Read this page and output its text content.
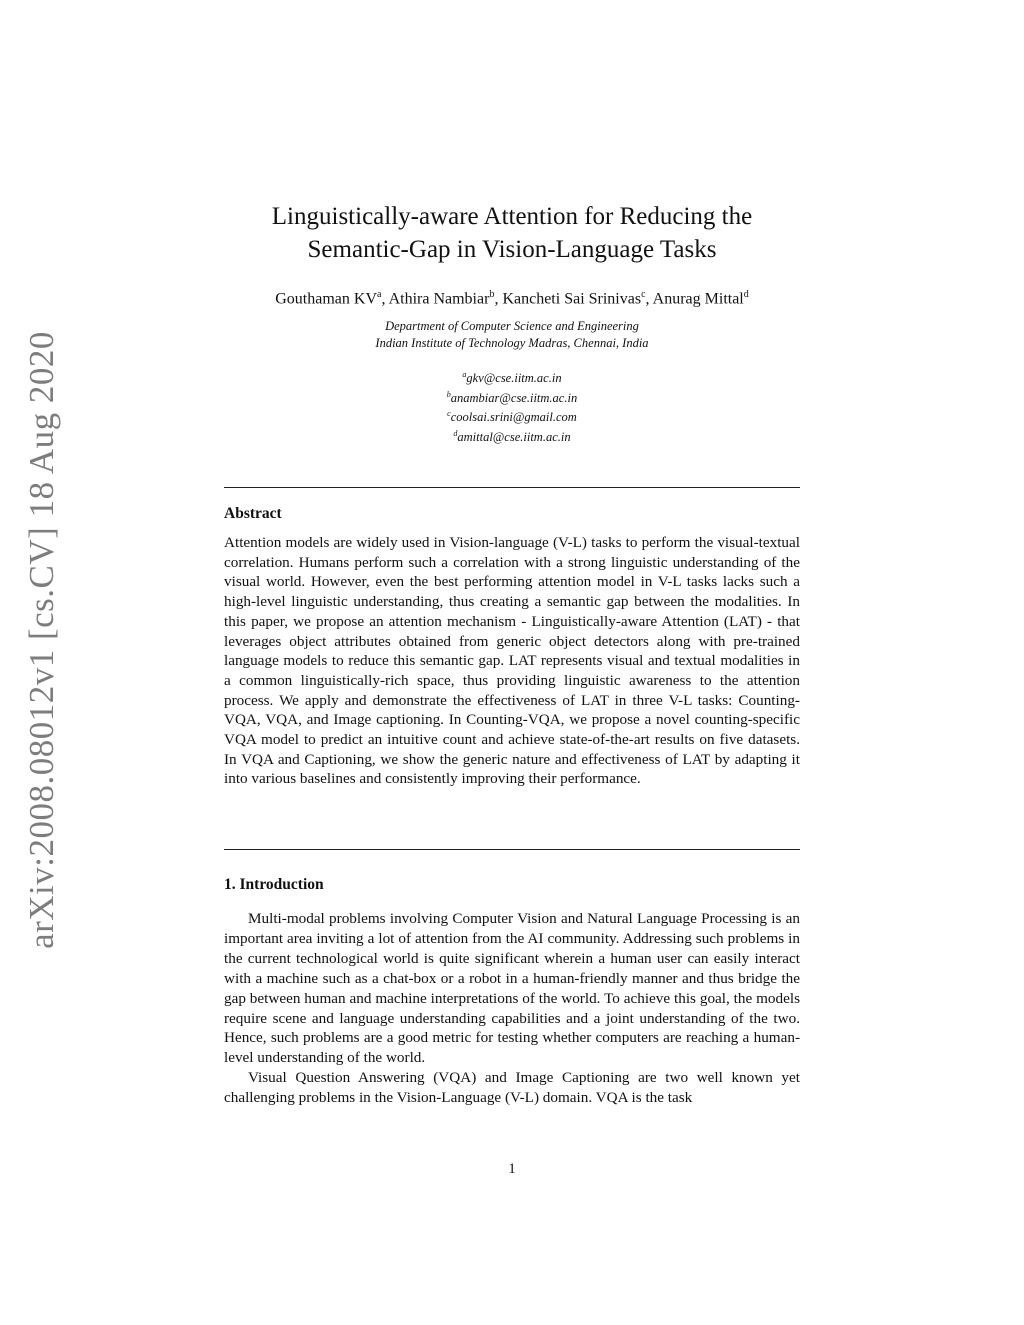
arXiv:2008.08012v1 [cs.CV] 18 Aug 2020
Linguistically-aware Attention for Reducing the
Semantic-Gap in Vision-Language Tasks
Gouthaman $KV^a$, Athira Nambiar$^b$, Kancheti Sai Srinivas$^c$, Anurag Mittal$^d$
Department of Computer Science and Engineering
Indian Institute of Technology Madras, Chennai, India
$^a$gkv@cse.iitm.ac.in
$^b$anambiar@cse.iitm.ac.in
$^c$coolsai.srini@gmail.com
$^d$amittal@cse.iitm.ac.in
Abstract
Attention models are widely used in Vision-language (V-L) tasks to perform the visual-textual correlation. Humans perform such a correlation with a strong linguistic understanding of the visual world. However, even the best performing attention model in V-L tasks lacks such a high-level linguistic understanding, thus creating a semantic gap between the modalities. In this paper, we propose an attention mechanism - Linguistically-aware Attention (LAT) - that leverages object attributes obtained from generic object detectors along with pre-trained language models to reduce this semantic gap. LAT represents visual and textual modalities in a common linguistically-rich space, thus providing linguistic awareness to the attention process. We apply and demonstrate the effectiveness of LAT in three V-L tasks: Counting-VQA, VQA, and Image captioning. In Counting-VQA, we propose a novel counting-specific VQA model to predict an intuitive count and achieve state-of-the-art results on five datasets. In VQA and Captioning, we show the generic nature and effectiveness of LAT by adapting it into various baselines and consistently improving their performance.
1. Introduction

Multi-modal problems involving Computer Vision and Natural Language Processing is an important area inviting a lot of attention from the AI community. Addressing such problems in the current technological world is quite significant wherein a human user can easily interact with a machine such as a chat-box or a robot in a human-friendly manner and thus bridge the gap between human and machine interpretations of the world. To achieve this goal, the models require scene and language understanding capabilities and a joint understanding of the two. Hence, such problems are a good metric for testing whether computers are reaching a human-level understanding of the world.

Visual Question Answering (VQA) and Image Captioning are two well known yet challenging problems in the Vision-Language (V-L) domain. VQA is the task

1
